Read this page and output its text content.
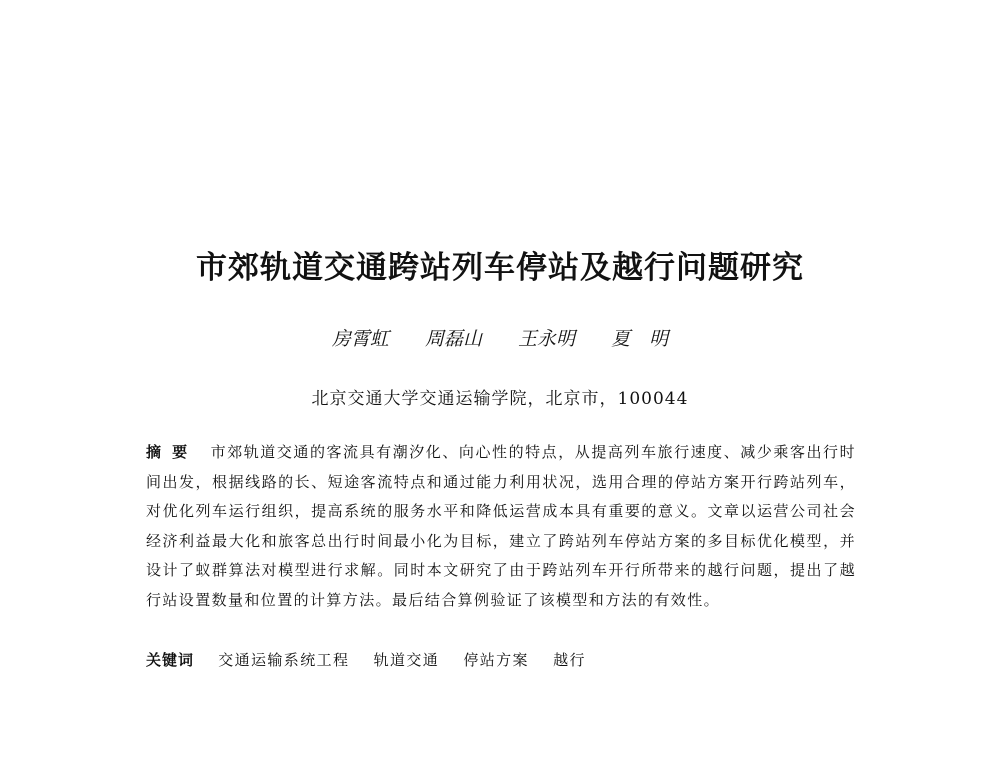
市郊轨道交通跨站列车停站及越行问题研究
房霄虹 周磊山 王永明 夏　明
北京交通大学交通运输学院，北京市，100044
摘要 市郊轨道交通的客流具有潮汐化、向心性的特点，从提高列车旅行速度、减少乘客出行时间出发，根据线路的长、短途客流特点和通过能力利用状况，选用合理的停站方案开行跨站列车，对优化列车运行组织，提高系统的服务水平和降低运营成本具有重要的意义。文章以运营公司社会经济利益最大化和旅客总出行时间最小化为目标，建立了跨站列车停站方案的多目标优化模型，并设计了蚁群算法对模型进行求解。同时本文研究了由于跨站列车开行所带来的越行问题，提出了越行站设置数量和位置的计算方法。最后结合算例验证了该模型和方法的有效性。
关键词 交通运输系统工程 轨道交通 停站方案 越行
